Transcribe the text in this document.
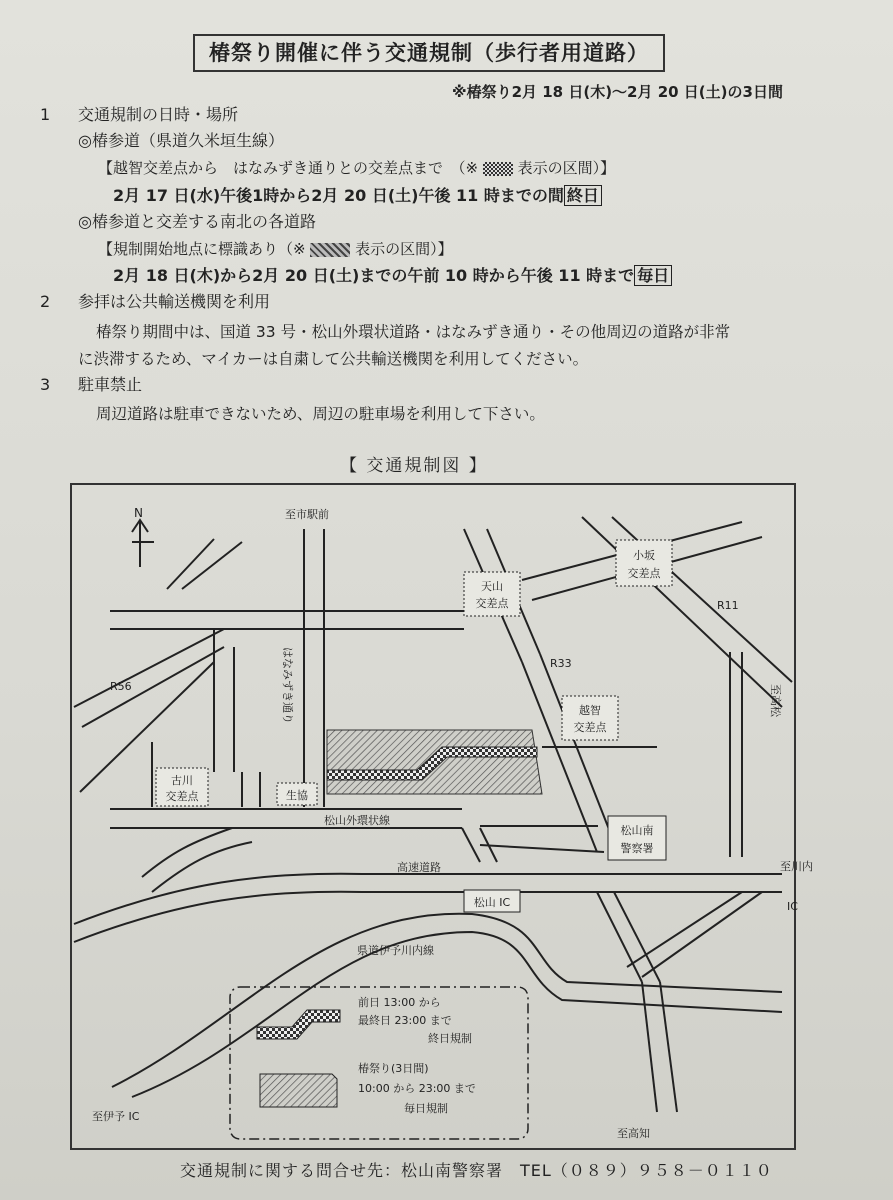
椿祭り開催に伴う交通規制（歩行者用道路）
※椿祭り2月 18 日(木)～2月 20 日(土)の3日間
1 交通規制の日時・場所
◎椿参道（県道久米垣生線）
【越智交差点から　はなみずき通りとの交差点まで　（※	表示の区間）】
2月 17 日(水)午後1時から2月 20 日(土)午後 11 時までの間 終日
◎椿参道と交差する南北の各道路
【規制開始地点に標識あり（※	表示の区間）】
2月 18 日(木)から2月 20 日(土)までの午前 10 時から午後 11 時まで 毎日
2 参拝は公共輸送機関を利用
椿祭り期間中は、国道 33 号・松山外環状道路・はなみずき通り・その他周辺の道路が非常
に渋滞するため、マイカーは自粛して公共輸送機関を利用してください。
3 駐車禁止
周辺道路は駐車できないため、周辺の駐車場を利用して下さい。
【 交通規制図 】
古川
交差点	生協
天山
交差点
小坂
交差点
越智
交差点
松山南
警察署
松山 IC
N	至市駅前
R56
R33
R11
松山外環状線
高速道路
県道伊予川内線
至伊予 IC
至高知
至川内
IC
至高松
はなみずき通り
前日 13:00 から
最終日 23:00 まで
終日規制
椿祭り(3日間)
10:00 から 23:00 まで
毎日規制
交通規制に関する問合せ先：松山南警察署　TEL（０８９）９５８－０１１０
